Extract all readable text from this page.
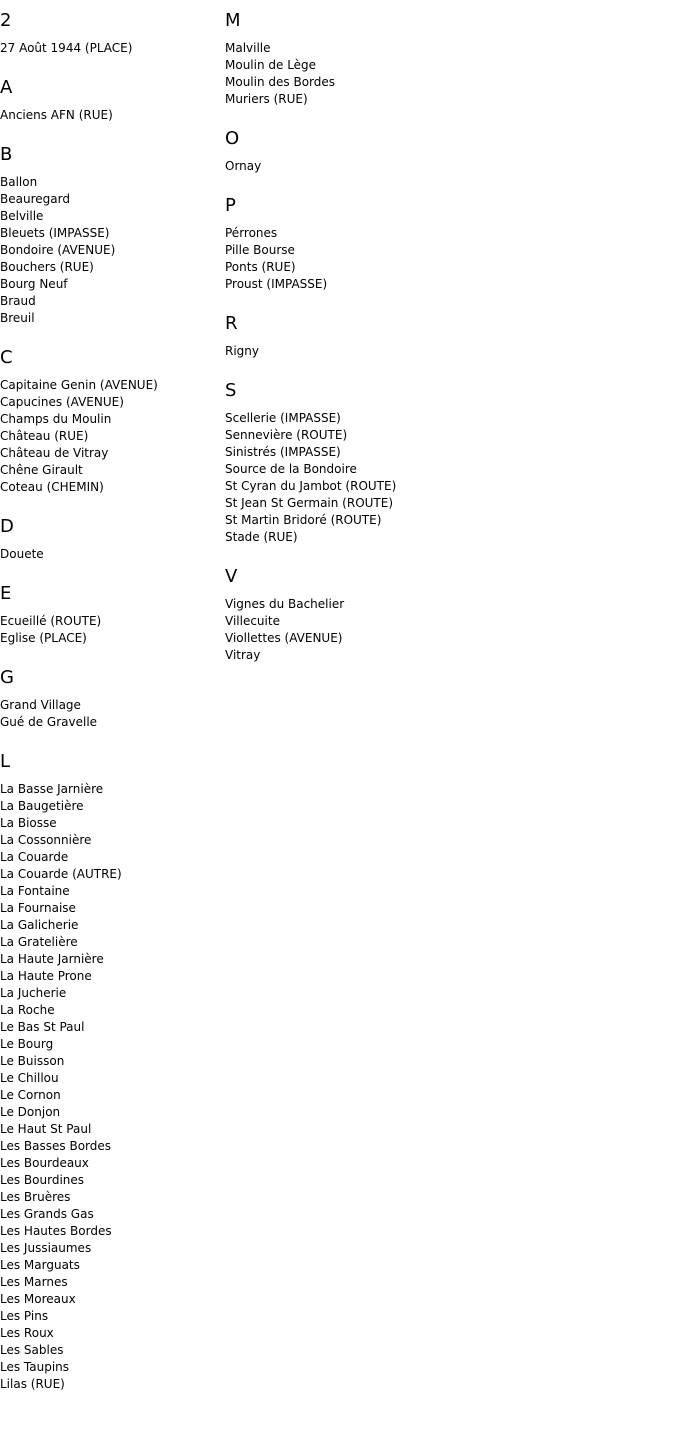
2
27 Août 1944 (PLACE)
A
Anciens AFN (RUE)
B
Ballon
Beauregard
Belville
Bleuets (IMPASSE)
Bondoire (AVENUE)
Bouchers (RUE)
Bourg Neuf
Braud
Breuil
C
Capitaine Genin (AVENUE)
Capucines (AVENUE)
Champs du Moulin
Château (RUE)
Château de Vitray
Chêne Girault
Coteau (CHEMIN)
D
Douete
E
Ecueillé (ROUTE)
Eglise (PLACE)
G
Grand Village
Gué de Gravelle
L
La Basse Jarnière
La Baugetière
La Biosse
La Cossonnière
La Couarde
La Couarde (AUTRE)
La Fontaine
La Fournaise
La Galicherie
La Gratelière
La Haute Jarnière
La Haute Prone
La Jucherie
La Roche
Le Bas St Paul
Le Bourg
Le Buisson
Le Chillou
Le Cornon
Le Donjon
Le Haut St Paul
Les Basses Bordes
Les Bourdeaux
Les Bourdines
Les Bruères
Les Grands Gas
Les Hautes Bordes
Les Jussiaumes
Les Marguats
Les Marnes
Les Moreaux
Les Pins
Les Roux
Les Sables
Les Taupins
Lilas (RUE)
M
Malville
Moulin de Lège
Moulin des Bordes
Muriers (RUE)
O
Ornay
P
Pérrones
Pille Bourse
Ponts (RUE)
Proust (IMPASSE)
R
Rigny
S
Scellerie (IMPASSE)
Sennevière (ROUTE)
Sinistrés (IMPASSE)
Source de la Bondoire
St Cyran du Jambot (ROUTE)
St Jean St Germain (ROUTE)
St Martin Bridoré (ROUTE)
Stade (RUE)
V
Vignes du Bachelier
Villecuite
Viollettes (AVENUE)
Vitray
